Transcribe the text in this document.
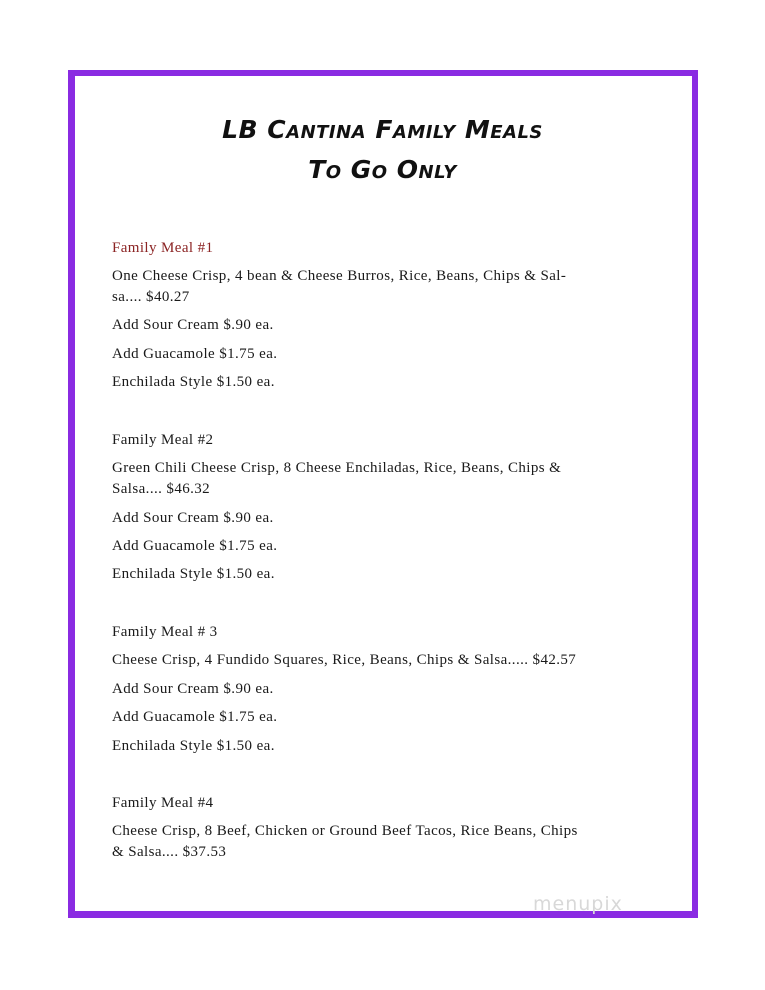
LB Cantina Family Meals
To Go Only
Family Meal #1
One Cheese Crisp, 4 bean & Cheese Burros, Rice, Beans, Chips & Sal-
sa.... $40.27
Add Sour Cream $.90 ea.
Add Guacamole $1.75 ea.
Enchilada Style $1.50 ea.
Family Meal #2
Green Chili Cheese Crisp, 8 Cheese Enchiladas, Rice, Beans, Chips &
Salsa.... $46.32
Add Sour Cream $.90 ea.
Add Guacamole $1.75 ea.
Enchilada Style $1.50 ea.
Family Meal # 3
Cheese Crisp, 4 Fundido Squares, Rice, Beans, Chips & Salsa..... $42.57
Add Sour Cream $.90 ea.
Add Guacamole $1.75 ea.
Enchilada Style $1.50 ea.
Family Meal #4
Cheese Crisp, 8 Beef, Chicken or Ground Beef Tacos, Rice Beans, Chips
& Salsa.... $37.53
menupix
